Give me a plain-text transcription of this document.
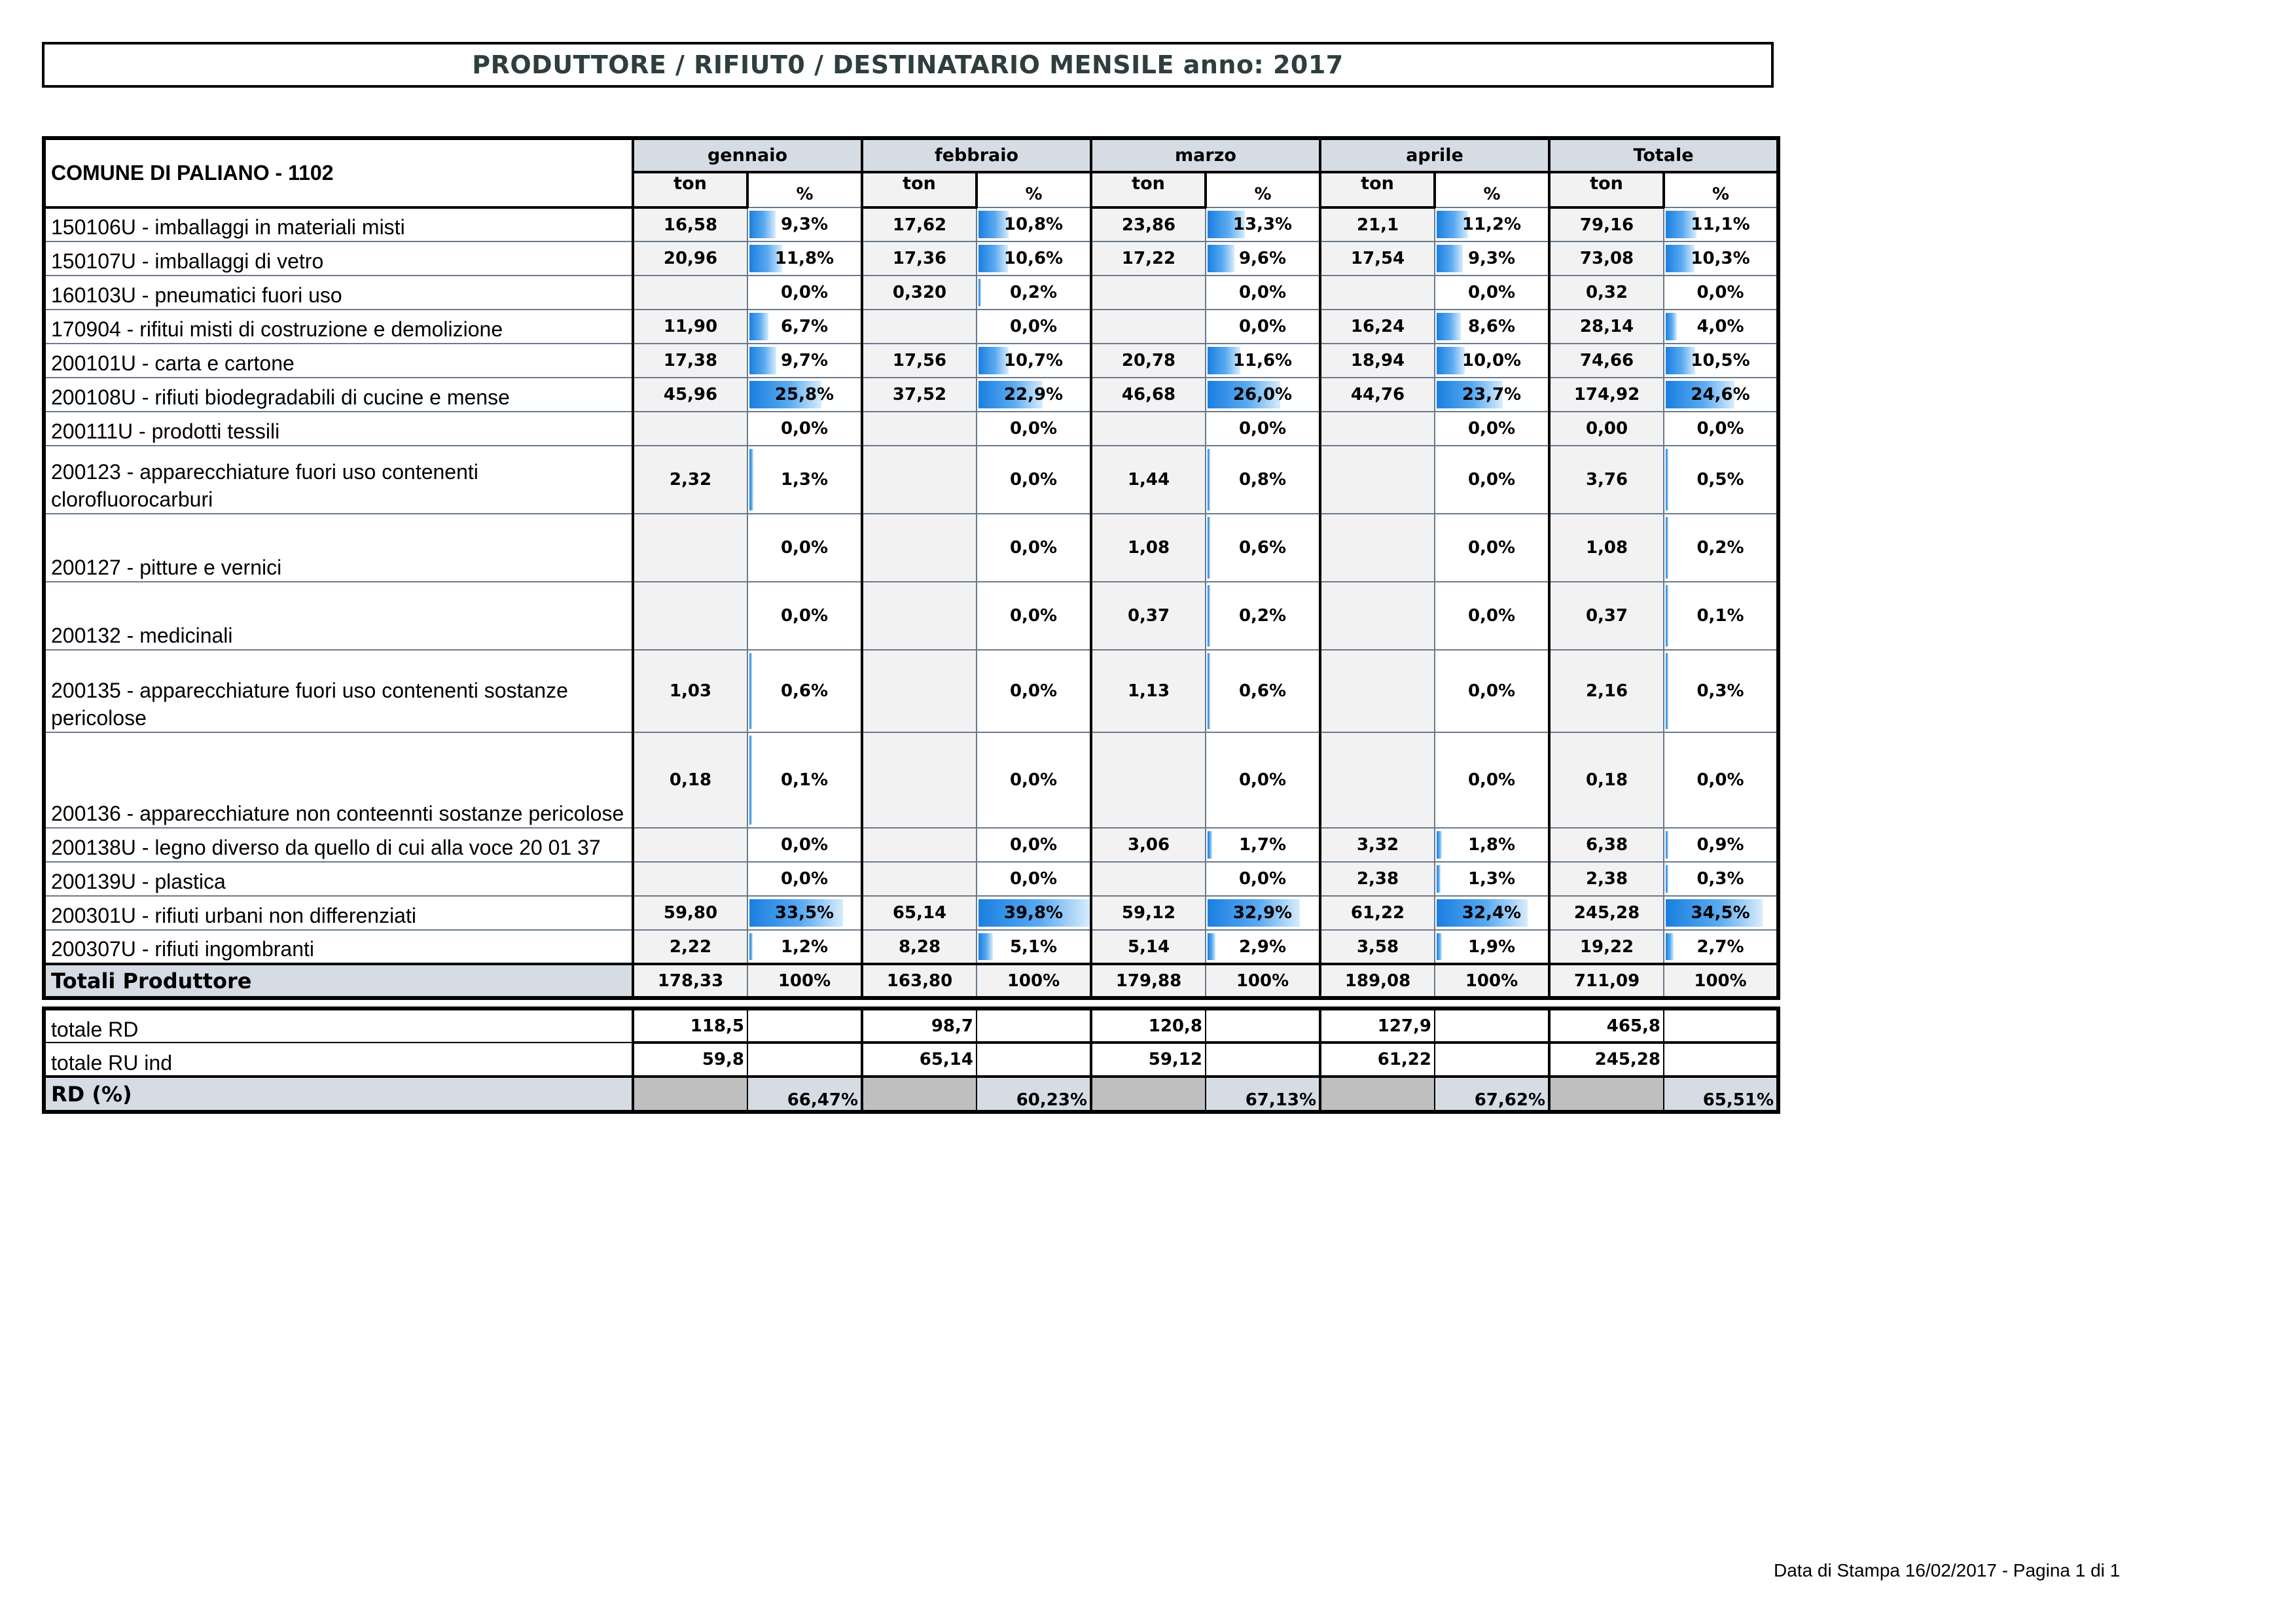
PRODUTTORE / RIFIUT0 / DESTINATARIO MENSILE anno: 2017
COMUNE DI PALIANO - 1102	gennaio		febbraio		marzo		aprile		Totale	
	ton	%	ton	%	ton	%	ton	%	ton	%
150106U - imballaggi in materiali misti	16,58	9,3%	17,62	10,8%	23,86	13,3%	21,1	11,2%	79,16	11,1%
150107U - imballaggi di vetro	20,96	11,8%	17,36	10,6%	17,22	9,6%	17,54	9,3%	73,08	10,3%
160103U - pneumatici fuori uso		0,0%	0,320	0,2%		0,0%		0,0%	0,32	0,0%
170904 - rifitui misti di costruzione e demolizione	11,90	6,7%		0,0%		0,0%	16,24	8,6%	28,14	4,0%
200101U - carta e cartone	17,38	9,7%	17,56	10,7%	20,78	11,6%	18,94	10,0%	74,66	10,5%
200108U - rifiuti biodegradabili di cucine e mense	45,96	25,8%	37,52	22,9%	46,68	26,0%	44,76	23,7%	174,92	24,6%
200111U - prodotti tessili		0,0%		0,0%		0,0%		0,0%	0,00	0,0%
200123 - apparecchiature fuori uso contenenti clorofluorocarburi	2,32	1,3%		0,0%	1,44	0,8%		0,0%	3,76	0,5%
200127 - pitture e vernici		0,0%		0,0%	1,08	0,6%		0,0%	1,08	0,2%
200132 - medicinali		0,0%		0,0%	0,37	0,2%		0,0%	0,37	0,1%
200135 - apparecchiature fuori uso contenenti sostanze pericolose	1,03	0,6%		0,0%	1,13	0,6%		0,0%	2,16	0,3%
200136 - apparecchiature non conteennti sostanze pericolose	0,18	0,1%		0,0%		0,0%		0,0%	0,18	0,0%
200138U - legno diverso da quello di cui alla voce 20 01 37		0,0%		0,0%	3,06	1,7%	3,32	1,8%	6,38	0,9%
200139U - plastica		0,0%		0,0%		0,0%	2,38	1,3%	2,38	0,3%
200301U - rifiuti urbani non differenziati	59,80	33,5%	65,14	39,8%	59,12	32,9%	61,22	32,4%	245,28	34,5%
200307U - rifiuti ingombranti	2,22	1,2%	8,28	5,1%	5,14	2,9%	3,58	1,9%	19,22	2,7%
Totali Produttore	178,33	100%	163,80	100%	179,88	100%	189,08	100%	711,09	100%
totale RD	118,5		98,7		120,8		127,9		465,8	
totale RU ind	59,8		65,14		59,12		61,22		245,28	
RD (%)		66,47%		60,23%		67,13%		67,62%		65,51%
Data di Stampa 16/02/2017 - Pagina 1 di 1
